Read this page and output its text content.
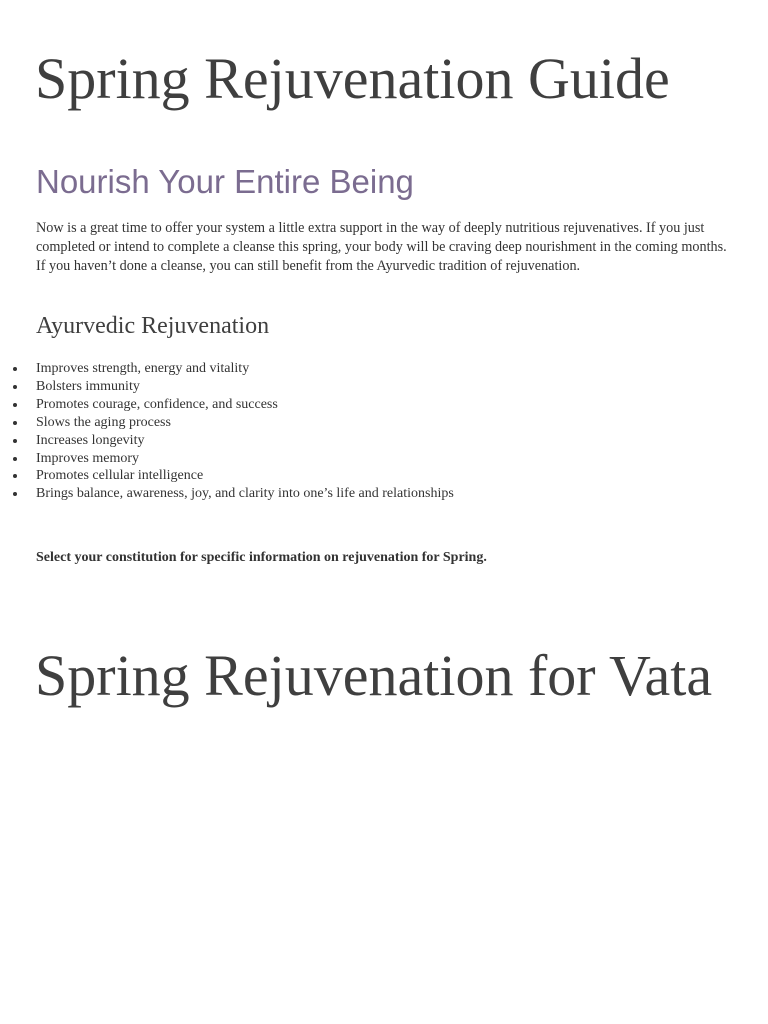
Spring Rejuvenation Guide
Nourish Your Entire Being

Now is a great time to offer your system a little extra support in the way of deeply nutritious rejuvenatives. If you just completed or intend to complete a cleanse this spring, your body will be craving deep nourishment in the coming months. If you haven’t done a cleanse, you can still benefit from the Ayurvedic tradition of rejuvenation.

Ayurvedic Rejuvenation
Improves strength, energy and vitality
Bolsters immunity
Promotes courage, confidence, and success
Slows the aging process
Increases longevity
Improves memory
Promotes cellular intelligence
Brings balance, awareness, joy, and clarity into one’s life and relationships

Select your constitution for specific information on rejuvenation for Spring.

Spring Rejuvenation for Vata
